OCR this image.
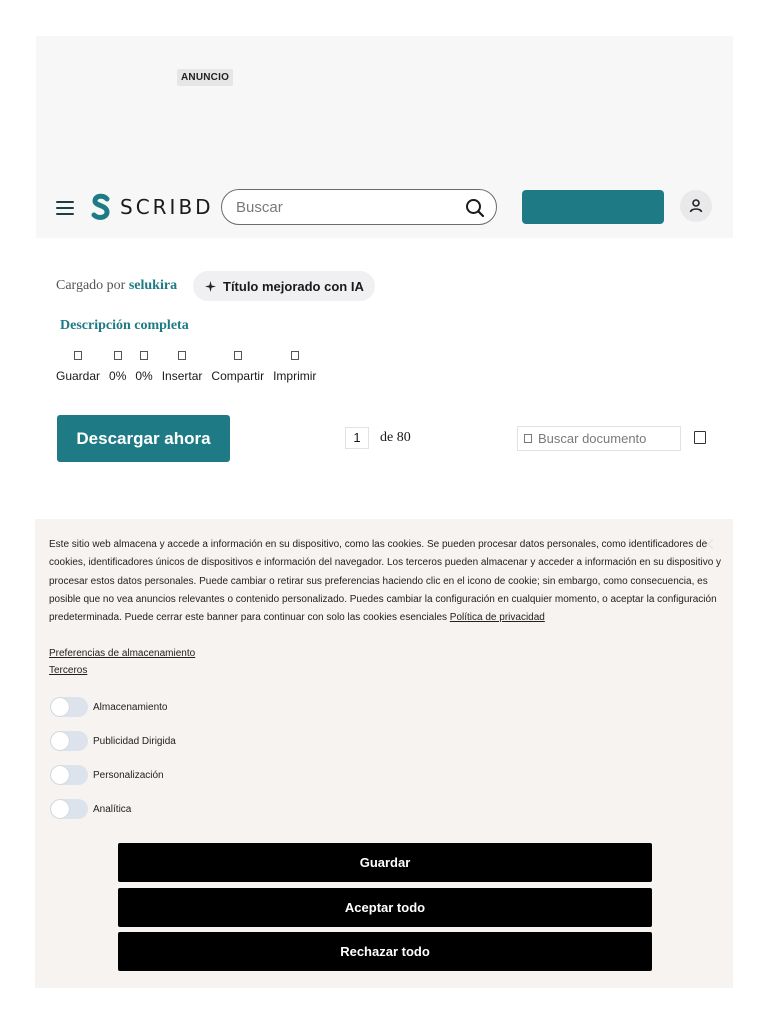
ANUNCIO
SCRIBD Buscar
Cargado por selukira	Título mejorado con IA
Descripción completa
Guardar 0% 0% Insertar Compartir Imprimir
Descargar ahora	1	de 80	Buscar documento
Este sitio web almacena y accede a información en su dispositivo, como las cookies. Se pueden procesar datos personales, como identificadores de cookies, identificadores únicos de dispositivos e información del navegador. Los terceros pueden almacenar y acceder a información en su dispositivo y procesar estos datos personales. Puede cambiar o retirar sus preferencias haciendo clic en el icono de cookie; sin embargo, como consecuencia, es posible que no vea anuncios relevantes o contenido personalizado. Puedes cambiar la configuración en cualquier momento, o aceptar la configuración predeterminada. Puede cerrar este banner para continuar con solo las cookies esenciales Política de privacidad
Preferencias de almacenamiento
Terceros
Almacenamiento
Publicidad Dirigida
Personalización
Analítica
Guardar
Aceptar todo
Rechazar todo
